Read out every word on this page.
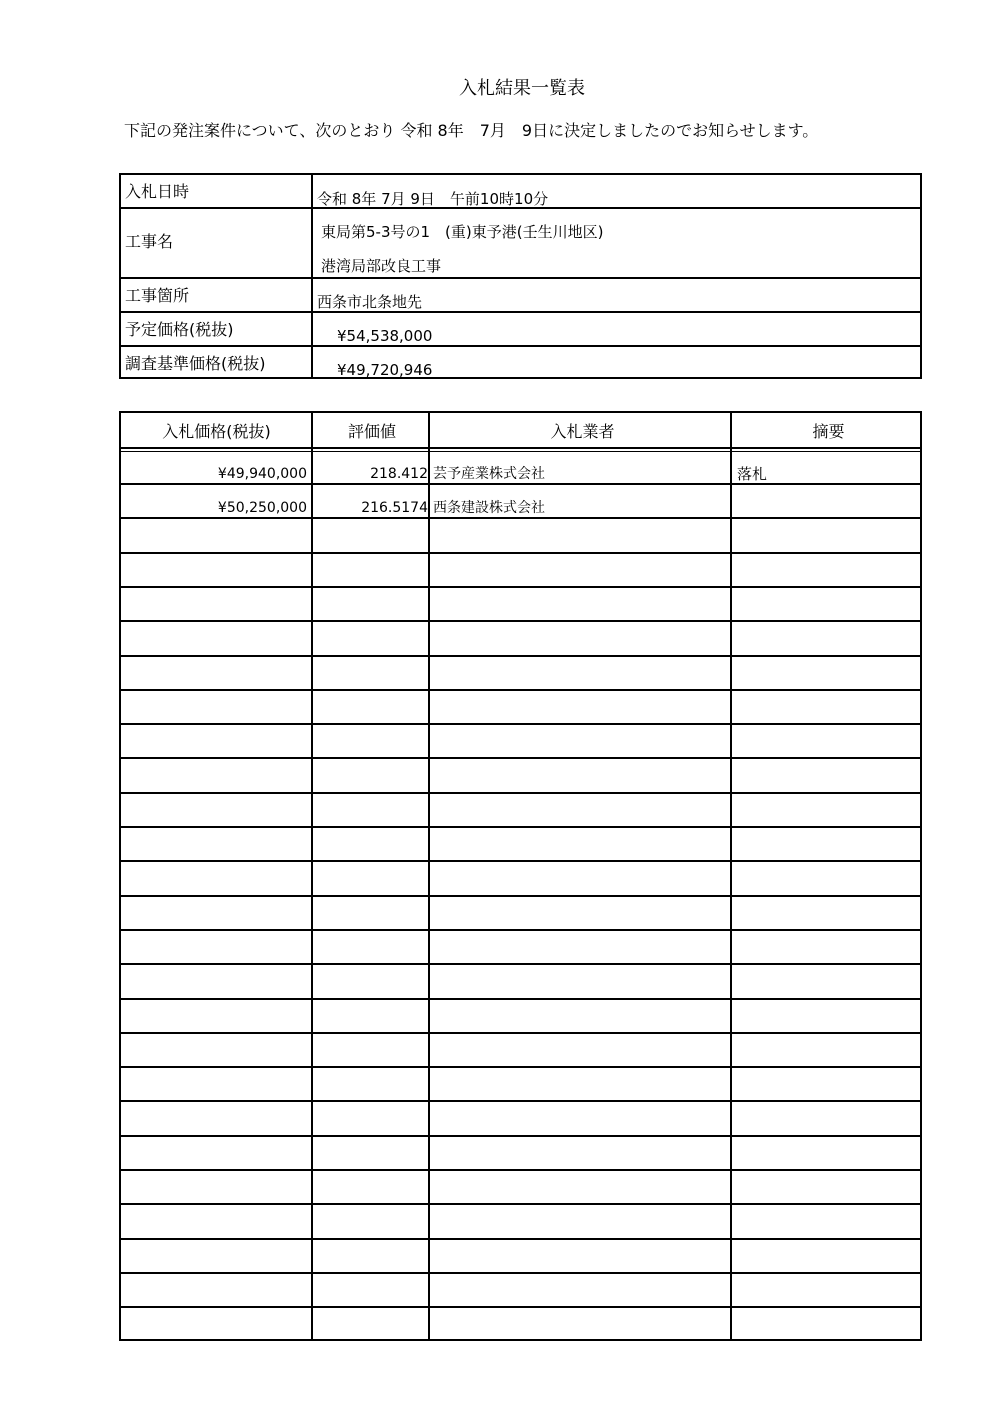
入札結果一覧表
下記の発注案件について、次のとおり 令和 8年　7月　9日に決定しましたのでお知らせします。
入札日時	令和 8年 7月 9日　午前10時10分
工事名	東局第5-3号の1　(重)東予港(壬生川地区)
港湾局部改良工事
工事箇所	西条市北条地先
予定価格(税抜)	¥54,538,000
調査基準価格(税抜)	¥49,720,946
入札価格(税抜)	評価値	入札業者	摘要
¥49,940,000	218.412 芸予産業株式会社	落札
¥50,250,000	216.5174 西条建設株式会社
